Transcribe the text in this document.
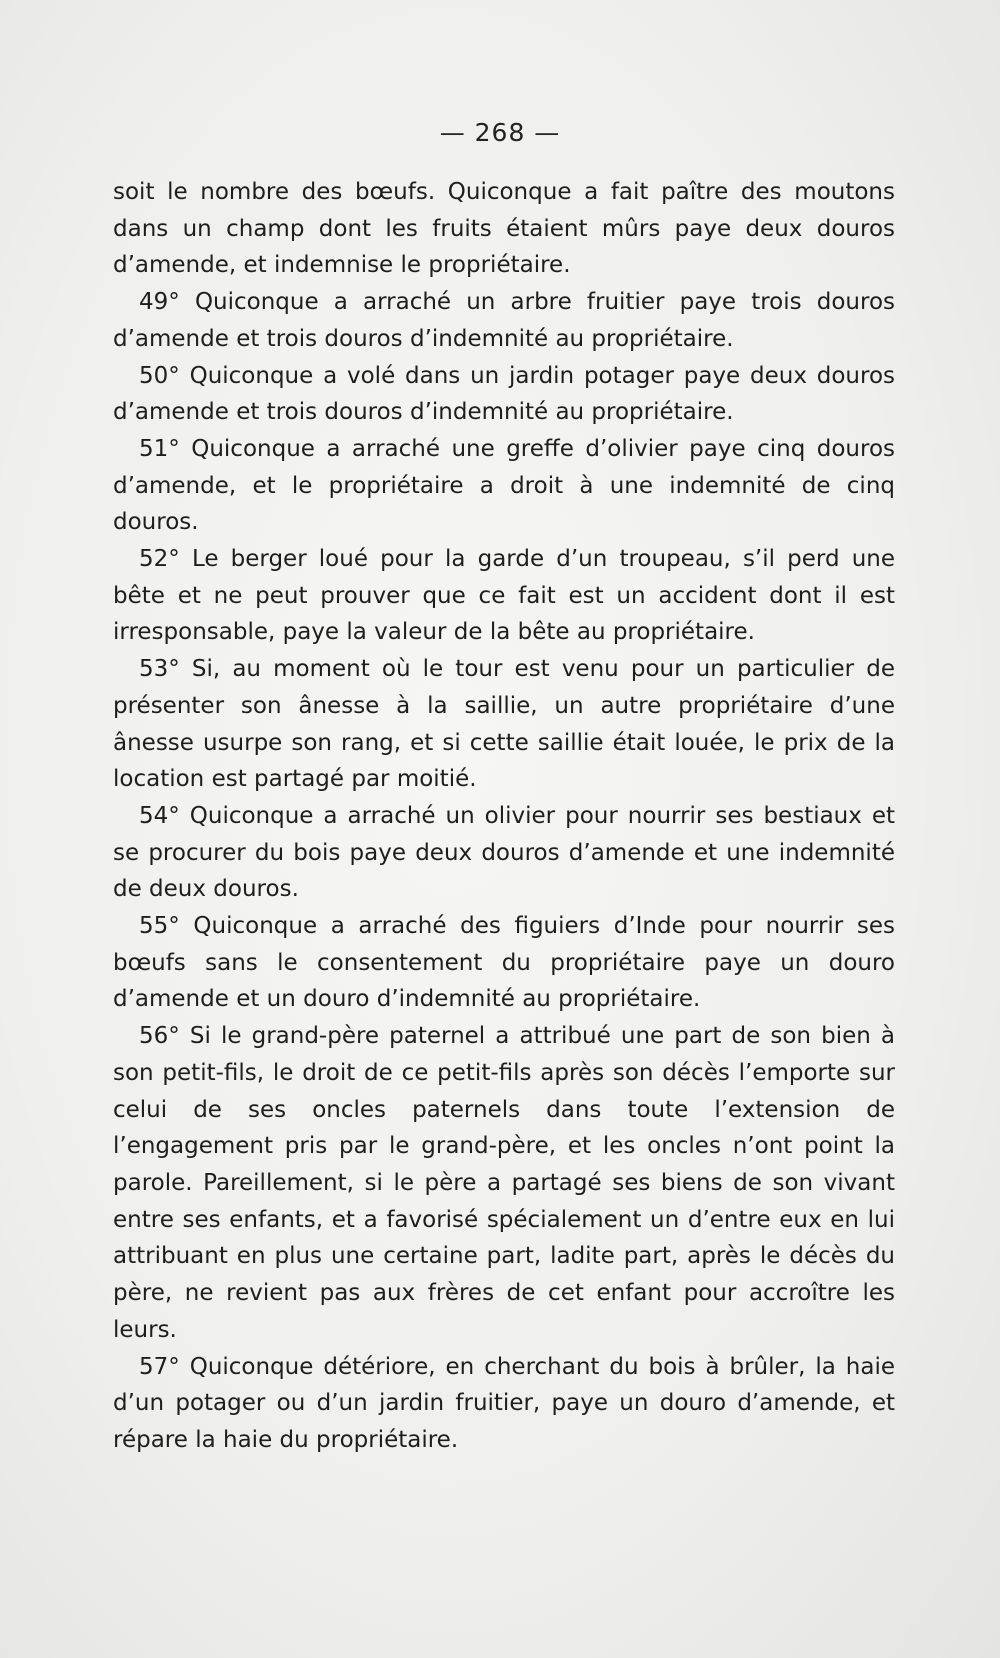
— 268 —

soit le nombre des bœufs. Quiconque a fait paître des moutons dans un champ dont les fruits étaient mûrs paye deux douros d’amende, et indemnise le propriétaire.

49° Quiconque a arraché un arbre fruitier paye trois douros d’amende et trois douros d’indemnité au propriétaire.

50° Quiconque a volé dans un jardin potager paye deux douros d’amende et trois douros d’indemnité au propriétaire.

51° Quiconque a arraché une greffe d’olivier paye cinq douros d’amende, et le propriétaire a droit à une indemnité de cinq douros.

52° Le berger loué pour la garde d’un troupeau, s’il perd une bête et ne peut prouver que ce fait est un accident dont il est irresponsable, paye la valeur de la bête au propriétaire.

53° Si, au moment où le tour est venu pour un particulier de présenter son ânesse à la saillie, un autre propriétaire d’une ânesse usurpe son rang, et si cette saillie était louée, le prix de la location est partagé par moitié.

54° Quiconque a arraché un olivier pour nourrir ses bestiaux et se procurer du bois paye deux douros d’amende et une indemnité de deux douros.

55° Quiconque a arraché des figuiers d’Inde pour nourrir ses bœufs sans le consentement du propriétaire paye un douro d’amende et un douro d’indemnité au propriétaire.

56° Si le grand-père paternel a attribué une part de son bien à son petit-fils, le droit de ce petit-fils après son décès l’emporte sur celui de ses oncles paternels dans toute l’extension de l’engagement pris par le grand-père, et les oncles n’ont point la parole. Pareillement, si le père a partagé ses biens de son vivant entre ses enfants, et a favorisé spécialement un d’entre eux en lui attribuant en plus une certaine part, ladite part, après le décès du père, ne revient pas aux frères de cet enfant pour accroître les leurs.

57° Quiconque détériore, en cherchant du bois à brûler, la haie d’un potager ou d’un jardin fruitier, paye un douro d’amende, et répare la haie du propriétaire.
